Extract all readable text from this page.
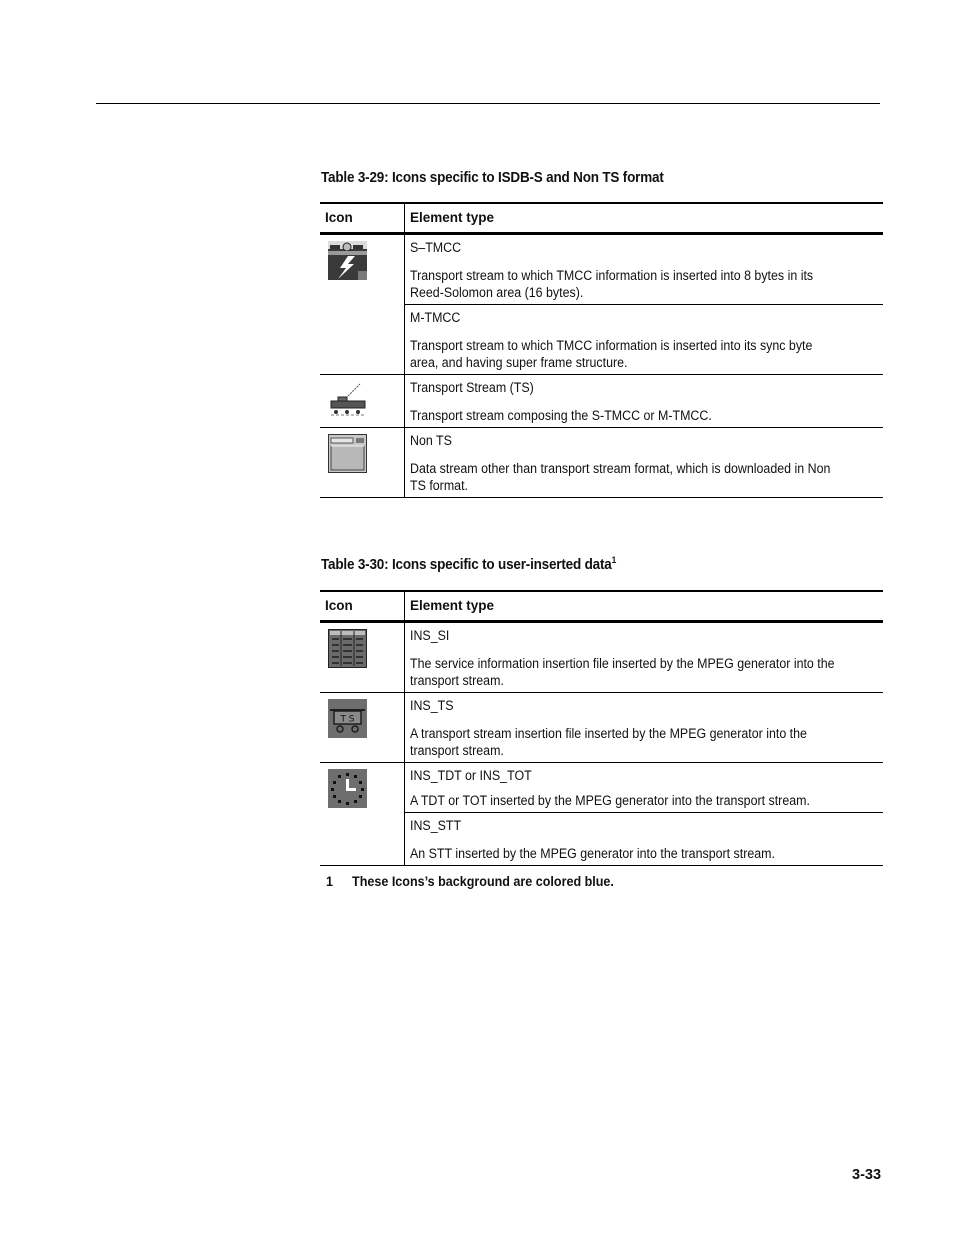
Table 3-29: Icons specific to ISDB-S and Non TS format
Icon	Element type
S–TMCC
Transport stream to which TMCC information is inserted into 8 bytes in its Reed-Solomon area (16 bytes).
M-TMCC
Transport stream to which TMCC information is inserted into its sync byte area, and having super frame structure.
Transport Stream (TS)
Transport stream composing the S-TMCC or M-TMCC.
Non TS
Data stream other than transport stream format, which is downloaded in Non TS format.
Table 3-30: Icons specific to user-inserted data$^1$
Icon	Element type
INS_SI
The service information insertion file inserted by the MPEG generator into the transport stream.
T S
INS_TS
A transport stream insertion file inserted by the MPEG generator into the transport stream.
INS_TDT or INS_TOT
A TDT or TOT inserted by the MPEG generator into the transport stream.
INS_STT
An STT inserted by the MPEG generator into the transport stream.
1 These Icons’s background are colored blue.
3-33
